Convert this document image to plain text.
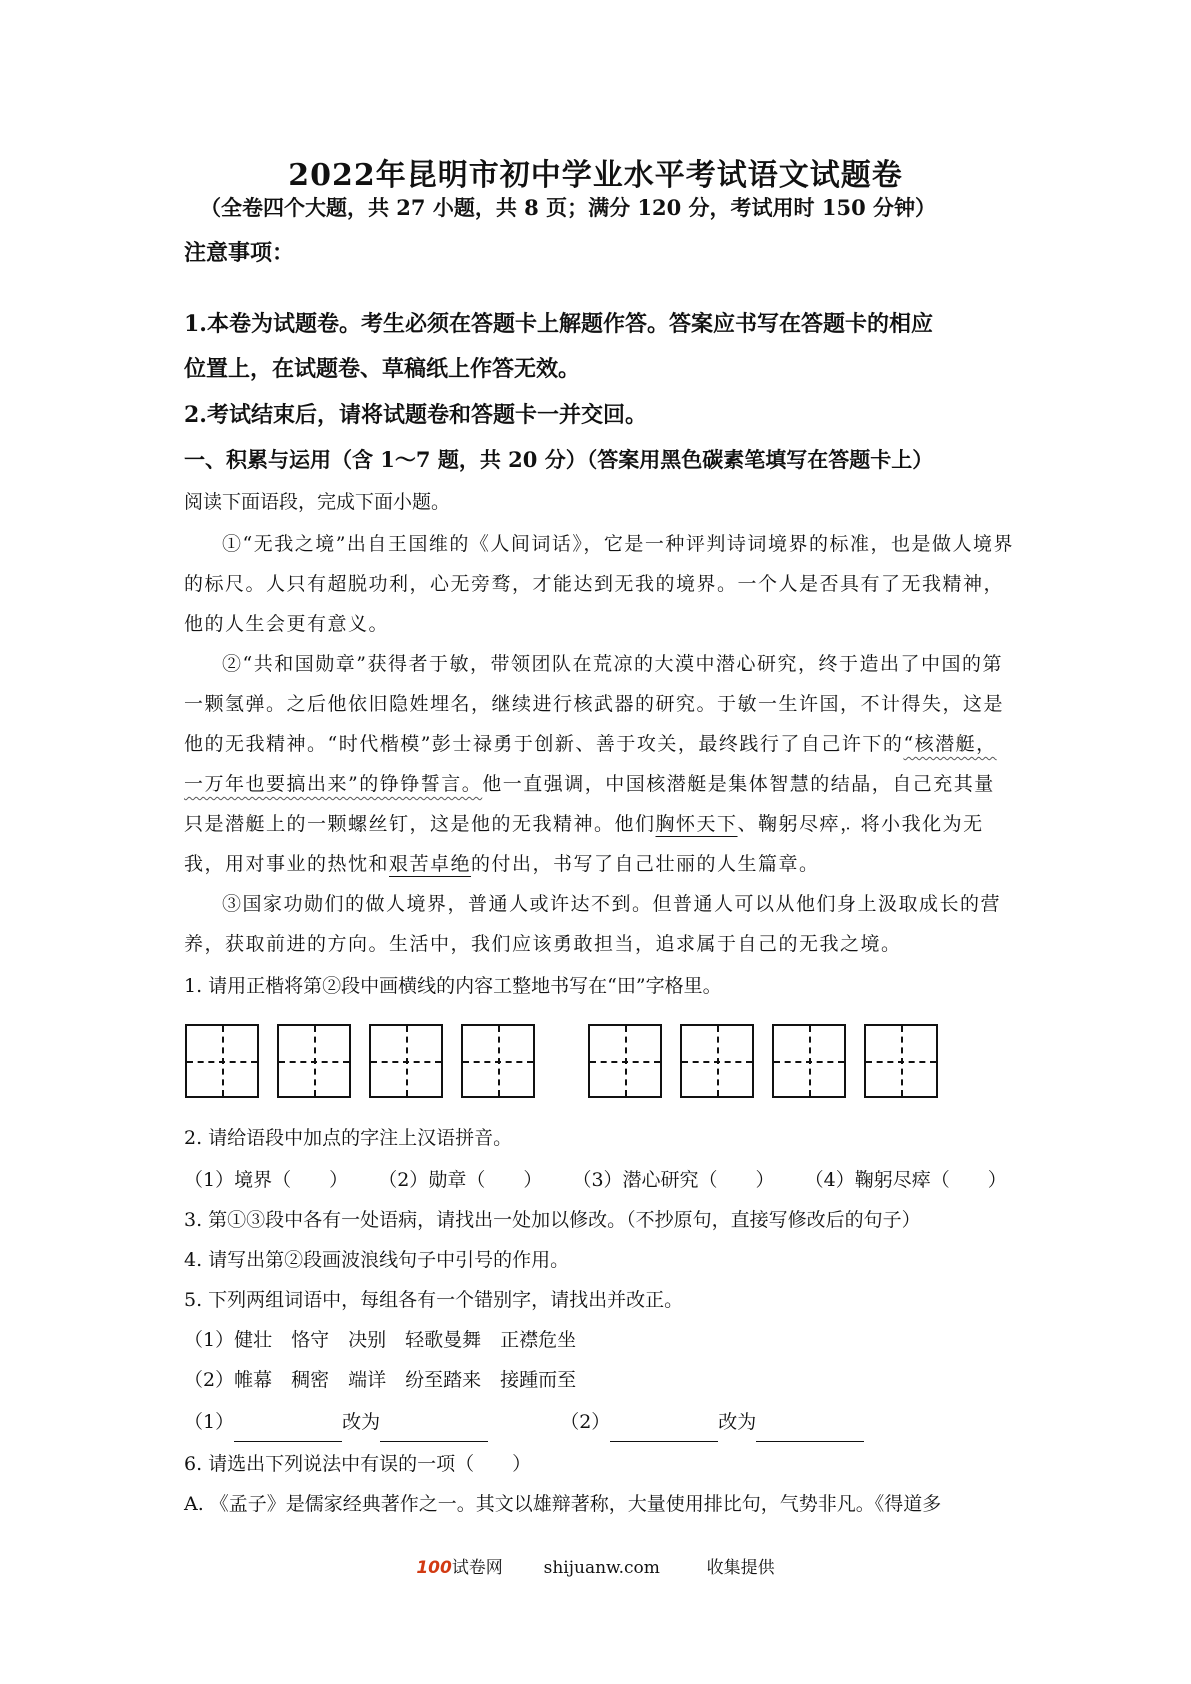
2022年昆明市初中学业水平考试语文试题卷
（全卷四个大题，共 27 小题，共 8 页；满分 120 分，考试用时 150 分钟）
注意事项：
1.本卷为试题卷。考生必须在答题卡上解题作答。答案应书写在答题卡的相应
位置上，在试题卷、草稿纸上作答无效。
2.考试结束后，请将试题卷和答题卡一并交回。
一、积累与运用（含 1～7 题，共 20 分）（答案用黑色碳素笔填写在答题卡上）
阅读下面语段，完成下面小题。
①“无我之境”出自王国维的《人间词话》，它是一种评判诗词境 ·界的标准，也是做人境界的标尺。人只有超脱功利，心无旁骛，才能达到无我的境界。一个人是否具有了无我精神，他的人生会更有意义。
②“共和国勋 ·章”获得者于敏，带领团队在荒凉的大漠中潜 ·心研究，终于造出了中国的第一颗氢弹。之后他依旧隐姓埋名，继续进行核武器的研究。于敏一生许国，不计得失，这是他的无我精神。“时代楷模”彭士禄勇于创新、善于攻关，最终践行了自己许下的“核潜艇，一万年也要搞出来”的铮铮誓言。他一直强调，中国核潜艇是集体智慧的结晶，自己充其量只是潜艇上的一颗螺丝钉，这是他的无我精神。他们胸怀天下、鞠躬尽瘁 ·，将小我化为无我，用对事业的热忱和艰苦卓绝的付出，书写了自己壮丽的人生篇章。
③国家功勋们的做人境界，普通人或许达不到。但普通人可以从他们身上汲取成长的营养，获取前进的方向。生活中，我们应该勇敢担当，追求属于自己的无我之境。
1. 请用正楷将第②段中画横线的内容工整地书写在“田”字格里。
2. 请给语段中加点的字注上汉语拼音。
（1）境 ·界（　　） （2）勋 ·章（　　） （3）潜 ·心研究（　　） （4）鞠躬尽瘁 ·（　　）
3. 第①③段中各有一处语病，请找出一处加以修改。（不抄原句，直接写修改后的句子）
4. 请写出第②段画波浪线句子中引号的作用。
5. 下列两组词语中，每组各有一个错别字，请找出并改正。
（1）健壮　恪守　决别　轻歌曼舞　正襟危坐
（2）帷幕　稠密　端详　纷至踏来　接踵而至
（1）	改为	（2）	改为
6. 请选出下列说法中有误的一项（　　）
A. 《孟子》是儒家经典著作之一。其文以雄辩著称，大量使用排比句，气势非凡。《得道多
100试卷网 shijuanw.com	收集提供
